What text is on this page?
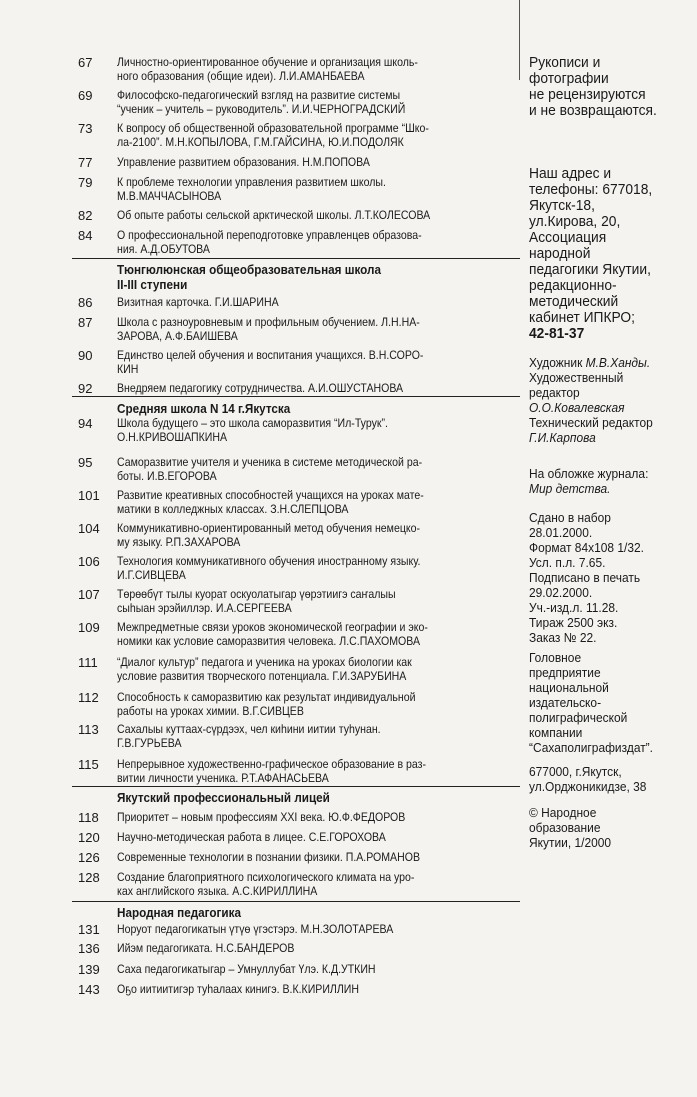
Тюнгюлюнская общеобразовательная школа
II-III ступени
Средняя школа N 14 г.Якутска
Якутский профессиональный лицей
Народная педагогика
67 Личностно-ориентированное обучение и организация школь-
ного образования (общие идеи). Л.И.АМАНБАЕВА
69 Философско-педагогический взгляд на развитие системы
“ученик – учитель – руководитель”. И.И.ЧЕРНОГРАДСКИЙ
73 К вопросу об общественной образовательной программе “Шко-
ла-2100”. М.Н.КОПЫЛОВА, Г.М.ГАЙСИНА, Ю.И.ПОДОЛЯК
77 Управление развитием образования. Н.М.ПОПОВА
79 К проблеме технологии управления развитием школы.
М.В.МАЧЧАСЫНОВА
82 Об опыте работы сельской арктической школы. Л.Т.КОЛЕСОВА
84 О профессиональной переподготовке управленцев образова-
ния. А.Д.ОБУТОВА
86 Визитная карточка. Г.И.ШАРИНА
87 Школа с разноуровневым и профильным обучением. Л.Н.НА-
ЗАРОВА, А.Ф.БАИШЕВА
90 Единство целей обучения и воспитания учащихся. В.Н.СОРО-
КИН
92 Внедряем педагогику сотрудничества. А.И.ОШУСТАНОВА
94 Школа будущего – это школа саморазвития “Ил-Турук”.
О.Н.КРИВОШАПКИНА
95 Саморазвитие учителя и ученика в системе методической ра-
боты. И.В.ЕГОРОВА
101 Развитие креативных способностей учащихся на уроках мате-
матики в колледжных классах. З.Н.СЛЕПЦОВА
104 Коммуникативно-ориентированный метод обучения немецко-
му языку. Р.П.ЗАХАРОВА
106 Технология коммуникативного обучения иностранному языку.
И.Г.СИВЦЕВА
107 Төрөөбүт тылы куорат оскуолатыгар үөрэтиигэ саҥалыы
сыһыан эрэйиллэр. И.А.СЕРГЕЕВА
109 Межпредметные связи уроков экономической географии и эко-
номики как условие саморазвития человека. Л.С.ПАХОМОВА
111 “Диалог культур” педагога и ученика на уроках биологии как
условие развития творческого потенциала. Г.И.ЗАРУБИНА
112 Способность к саморазвитию как результат индивидуальной
работы на уроках химии. В.Г.СИВЦЕВ
113 Сахалыы куттаах-сүрдээх, чел киһини иитии туһунан.
Г.В.ГУРЬЕВА
115 Непрерывное художественно-графическое образование в раз-
витии личности ученика. Р.Т.АФАНАСЬЕВА
118 Приоритет – новым профессиям XXI века. Ю.Ф.ФЕДОРОВ
120 Научно-методическая работа в лицее. С.Е.ГОРОХОВА
126 Современные технологии в познании физики. П.А.РОМАНОВ
128 Создание благоприятного психологического климата на уро-
ках английского языка. А.С.КИРИЛЛИНА
131 Норуот педагогикатын үтүө үгэстэрэ. М.Н.ЗОЛОТАРЕВА
136 Ийэм педагогиката. Н.С.БАНДЕРОВ
139 Саха педагогикатыгар – Умнуллубат Үлэ. К.Д.УТКИН
143 Оҕо иитиитигэр туһалаах кинигэ. В.К.КИРИЛЛИН
Рукописи и
фотографии
не рецензируются
и не возвращаются.
Наш адрес и
телефоны: 677018,
Якутск-18,
ул.Кирова, 20,
Ассоциация
народной
педагогики Якутии,
редакционно-
методический
кабинет ИПКРО;
42-81-37
Художник М.В.Ханды.
Художественный
редактор
О.О.Ковалевская
Технический редактор
Г.И.Карпова
На обложке журнала:
Мир детства.
Сдано в набор
28.01.2000.
Формат 84x108 1/32.
Усл. п.л. 7.65.
Подписано в печать
29.02.2000.
Уч.-изд.л. 11.28.
Тираж 2500 экз.
Заказ № 22.
Головное
предприятие
национальной
издательско-
полиграфической
компании
“Сахаполиграфиздат”.
677000, г.Якутск,
ул.Орджоникидзе, 38
© Народное
образование
Якутии, 1/2000
